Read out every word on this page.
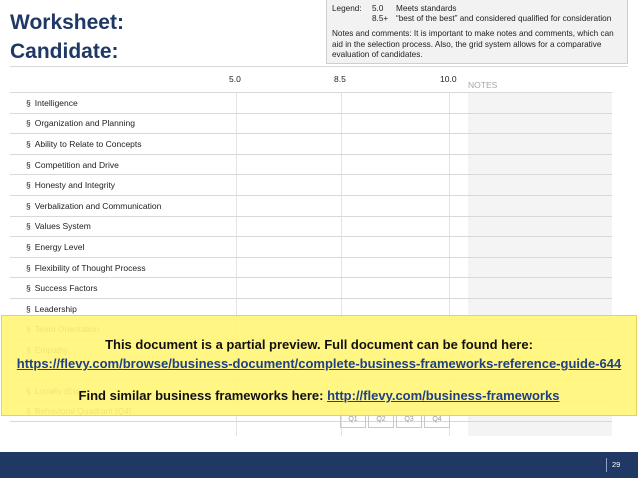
Worksheet:
Candidate:
Legend:	5.0	Meets standards
8.5+ “best of the best” and considered qualified for consideration
Notes and comments: It is important to make notes and comments, which can aid in the selection process. Also, the grid system allows for a comparative evaluation of candidates.
5.0	8.5	10.0
NOTES
§ Intelligence
§ Organization and Planning
§ Ability to Relate to Concepts
§ Competition and Drive
§ Honesty and Integrity
§ Verbalization and Communication
§ Values System
§ Energy Level
§ Flexibility of Thought Process
§ Success Factors
§ Leadership
Q1	Q2	Q3	Q4
This document is a partial preview. Full document can be found here:
https://flevy.com/browse/business-document/complete-business-frameworks-reference-guide-644
Find similar business frameworks here: http://flevy.com/business-frameworks
29
